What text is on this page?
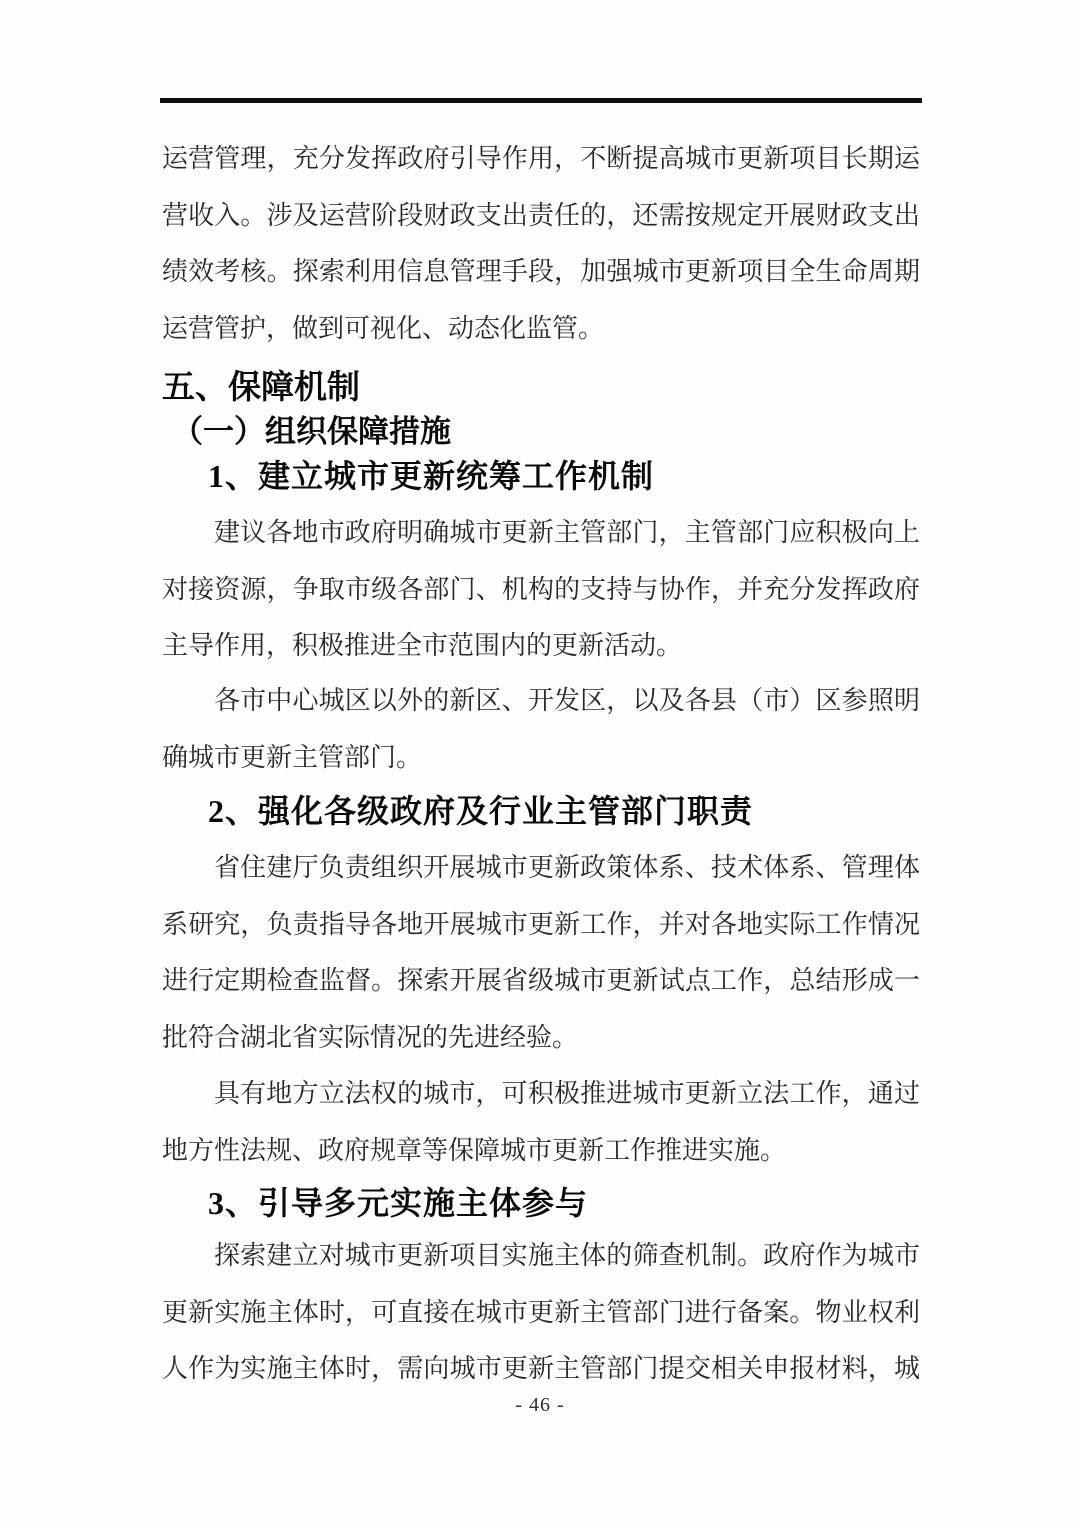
运营管理，充分发挥政府引导作用，不断提高城市更新项目长期运
营收入。涉及运营阶段财政支出责任的，还需按规定开展财政支出
绩效考核。探索利用信息管理手段，加强城市更新项目全生命周期
运营管护，做到可视化、动态化监管。
五、保障机制
（一）组织保障措施
1、建立城市更新统筹工作机制
建议各地市政府明确城市更新主管部门，主管部门应积极向上
对接资源，争取市级各部门、机构的支持与协作，并充分发挥政府
主导作用，积极推进全市范围内的更新活动。
各市中心城区以外的新区、开发区，以及各县（市）区参照明
确城市更新主管部门。
2、强化各级政府及行业主管部门职责
省住建厅负责组织开展城市更新政策体系、技术体系、管理体
系研究，负责指导各地开展城市更新工作，并对各地实际工作情况
进行定期检查监督。探索开展省级城市更新试点工作，总结形成一
批符合湖北省实际情况的先进经验。
具有地方立法权的城市，可积极推进城市更新立法工作，通过
地方性法规、政府规章等保障城市更新工作推进实施。
3、引导多元实施主体参与
探索建立对城市更新项目实施主体的筛查机制。政府作为城市
更新实施主体时，可直接在城市更新主管部门进行备案。物业权利
人作为实施主体时，需向城市更新主管部门提交相关申报材料，城
- 46 -
